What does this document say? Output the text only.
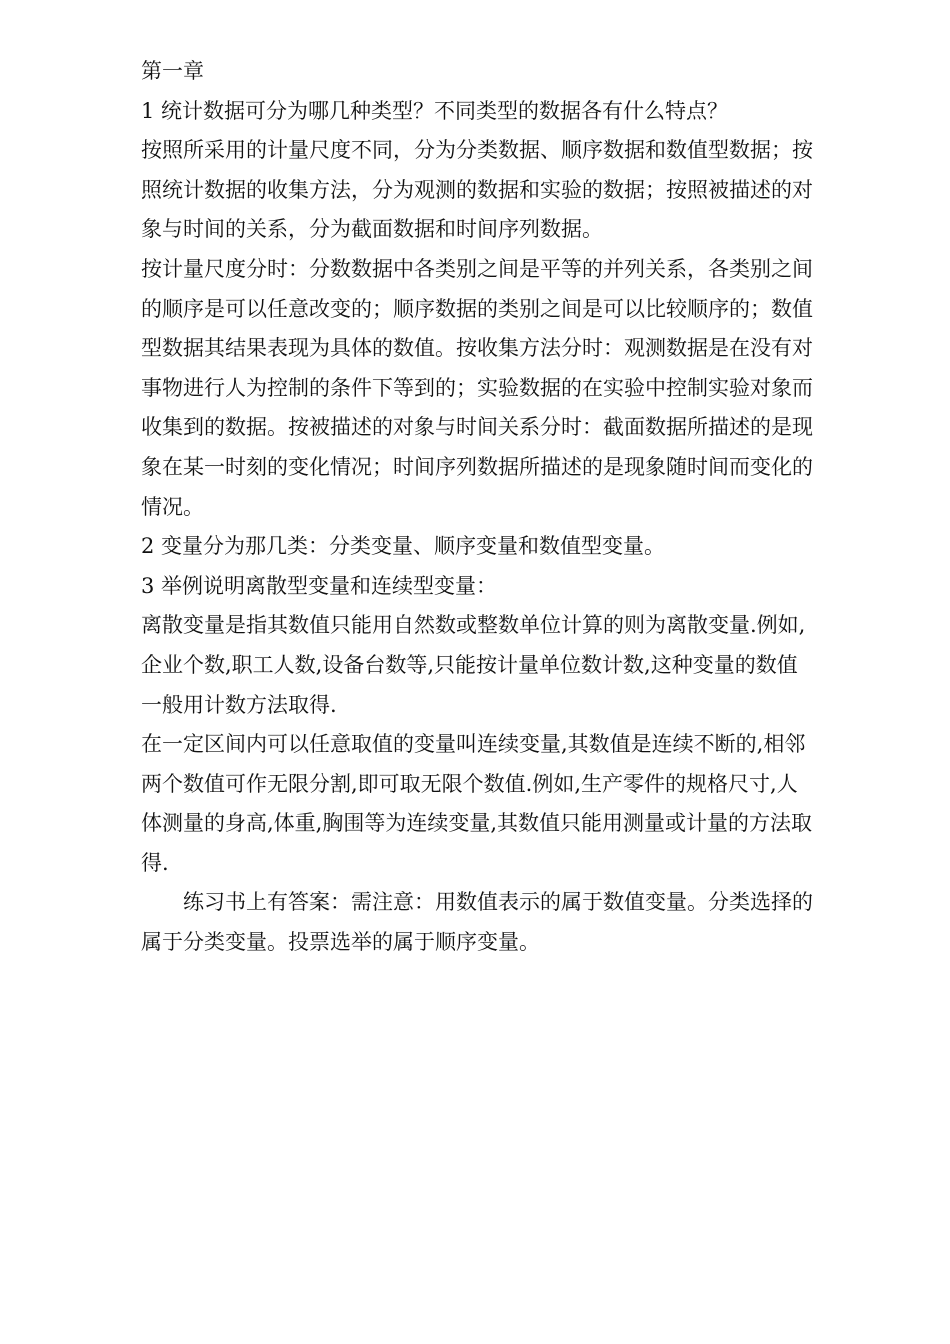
第一章

1 统计数据可分为哪几种类型？不同类型的数据各有什么特点？

按照所采用的计量尺度不同，分为分类数据、顺序数据和数值型数据；按照统计数据的收集方法，分为观测的数据和实验的数据；按照被描述的对象与时间的关系，分为截面数据和时间序列数据。

按计量尺度分时：分数数据中各类别之间是平等的并列关系，各类别之间的顺序是可以任意改变的；顺序数据的类别之间是可以比较顺序的；数值型数据其结果表现为具体的数值。按收集方法分时：观测数据是在没有对事物进行人为控制的条件下等到的；实验数据的在实验中控制实验对象而收集到的数据。按被描述的对象与时间关系分时：截面数据所描述的是现象在某一时刻的变化情况；时间序列数据所描述的是现象随时间而变化的情况。

2 变量分为那几类：分类变量、顺序变量和数值型变量。

3 举例说明离散型变量和连续型变量：

离散变量是指其数值只能用自然数或整数单位计算的则为离散变量.例如,企业个数,职工人数,设备台数等,只能按计量单位数计数,这种变量的数值一般用计数方法取得.

在一定区间内可以任意取值的变量叫连续变量,其数值是连续不断的,相邻两个数值可作无限分割,即可取无限个数值.例如,生产零件的规格尺寸,人体测量的身高,体重,胸围等为连续变量,其数值只能用测量或计量的方法取得.

练习书上有答案：需注意：用数值表示的属于数值变量。分类选择的属于分类变量。投票选举的属于顺序变量。
